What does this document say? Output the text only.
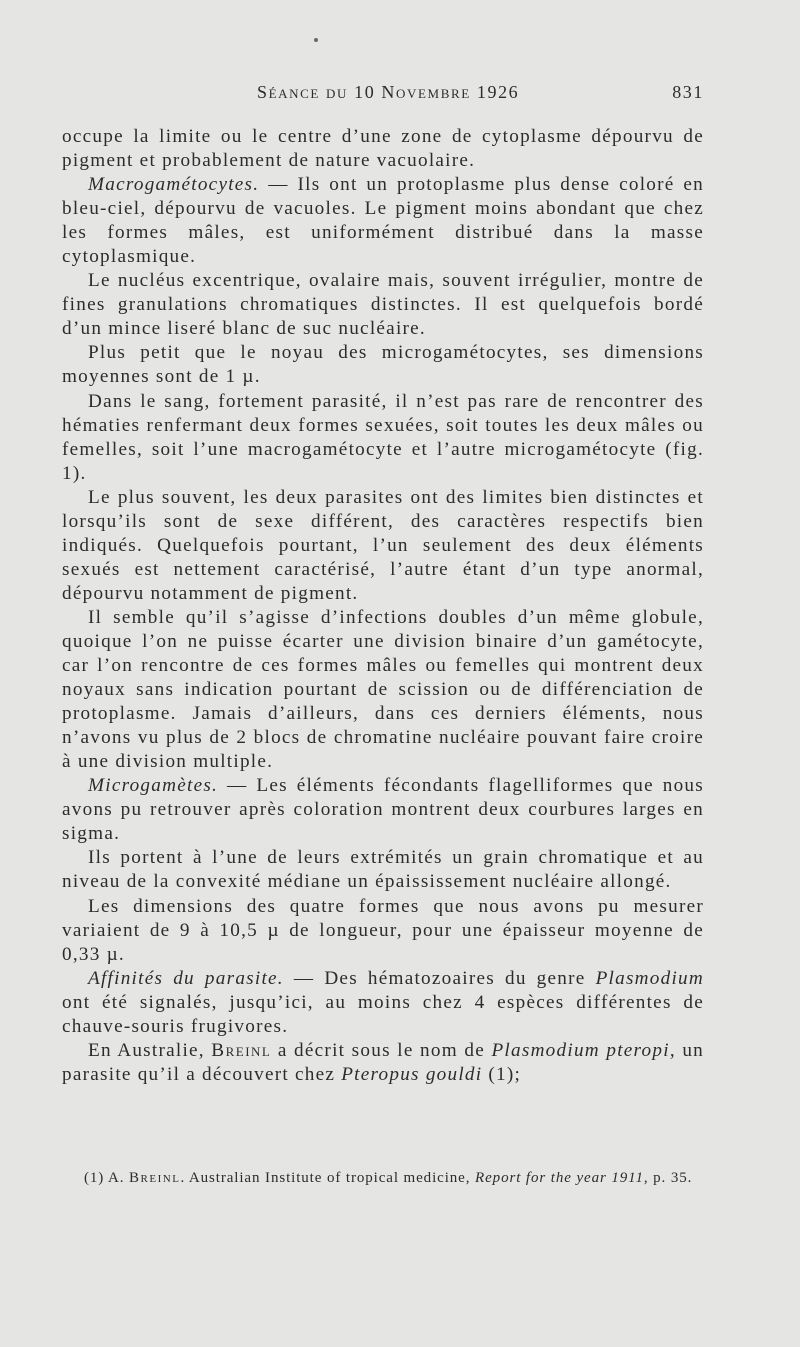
Séance du 10 Novembre 1926	831

occupe la limite ou le centre d’une zone de cytoplasme dépourvu de pigment et probablement de nature vacuolaire.

Macrogamétocytes. — Ils ont un protoplasme plus dense coloré en bleu-ciel, dépourvu de vacuoles. Le pigment moins abondant que chez les formes mâles, est uniformément distribué dans la masse cytoplasmique.

Le nucléus excentrique, ovalaire mais, souvent irrégulier, montre de fines granulations chromatiques distinctes. Il est quelquefois bordé d’un mince liseré blanc de suc nucléaire.

Plus petit que le noyau des microgamétocytes, ses dimensions moyennes sont de 1 µ.

Dans le sang, fortement parasité, il n’est pas rare de rencontrer des hématies renfermant deux formes sexuées, soit toutes les deux mâles ou femelles, soit l’une macrogamétocyte et l’autre microgamétocyte (fig. 1).

Le plus souvent, les deux parasites ont des limites bien distinctes et lorsqu’ils sont de sexe différent, des caractères respectifs bien indiqués. Quelquefois pourtant, l’un seulement des deux éléments sexués est nettement caractérisé, l’autre étant d’un type anormal, dépourvu notamment de pigment.

Il semble qu’il s’agisse d’infections doubles d’un même globule, quoique l’on ne puisse écarter une division binaire d’un gamétocyte, car l’on rencontre de ces formes mâles ou femelles qui montrent deux noyaux sans indication pourtant de scission ou de différenciation de protoplasme. Jamais d’ailleurs, dans ces derniers éléments, nous n’avons vu plus de 2 blocs de chromatine nucléaire pouvant faire croire à une division multiple.

Microgamètes. — Les éléments fécondants flagelliformes que nous avons pu retrouver après coloration montrent deux courbures larges en sigma.

Ils portent à l’une de leurs extrémités un grain chromatique et au niveau de la convexité médiane un épaississement nucléaire allongé.

Les dimensions des quatre formes que nous avons pu mesurer variaient de 9 à 10,5 µ de longueur, pour une épaisseur moyenne de 0,33 µ.

Affinités du parasite. — Des hématozoaires du genre Plasmodium ont été signalés, jusqu’ici, au moins chez 4 espèces différentes de chauve-souris frugivores.

En Australie, Breinl a décrit sous le nom de Plasmodium pteropi, un parasite qu’il a découvert chez Pteropus gouldi (1);

(1) A. Breinl. Australian Institute of tropical medicine, Report for the year 1911, p. 35.
